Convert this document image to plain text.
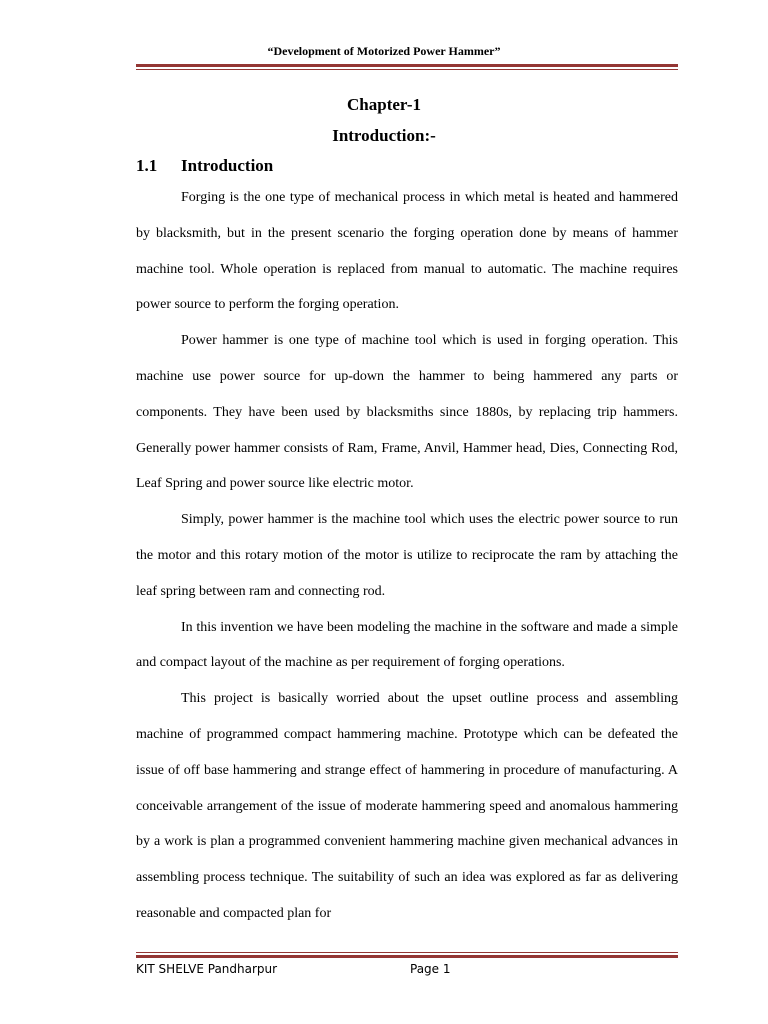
“Development of Motorized Power Hammer”
Chapter-1
Introduction:-
1.1 Introduction

Forging is the one type of mechanical process in which metal is heated and hammered by blacksmith, but in the present scenario the forging operation done by means of hammer machine tool. Whole operation is replaced from manual to automatic. The machine requires power source to perform the forging operation.

Power hammer is one type of machine tool which is used in forging operation. This machine use power source for up-down the hammer to being hammered any parts or components. They have been used by blacksmiths since 1880s, by replacing trip hammers. Generally power hammer consists of Ram, Frame, Anvil, Hammer head, Dies, Connecting Rod, Leaf Spring and power source like electric motor.

Simply, power hammer is the machine tool which uses the electric power source to run the motor and this rotary motion of the motor is utilize to reciprocate the ram by attaching the leaf spring between ram and connecting rod.

In this invention we have been modeling the machine in the software and made a simple and compact layout of the machine as per requirement of forging operations.

This project is basically worried about the upset outline process and assembling machine of programmed compact hammering machine. Prototype which can be defeated the issue of off base hammering and strange effect of hammering in procedure of manufacturing. A conceivable arrangement of the issue of moderate hammering speed and anomalous hammering by a work is plan a programmed convenient hammering machine given mechanical advances in assembling process technique. The suitability of such an idea was explored as far as delivering reasonable and compacted plan for

KIT SHELVE Pandharpur	Page 1
